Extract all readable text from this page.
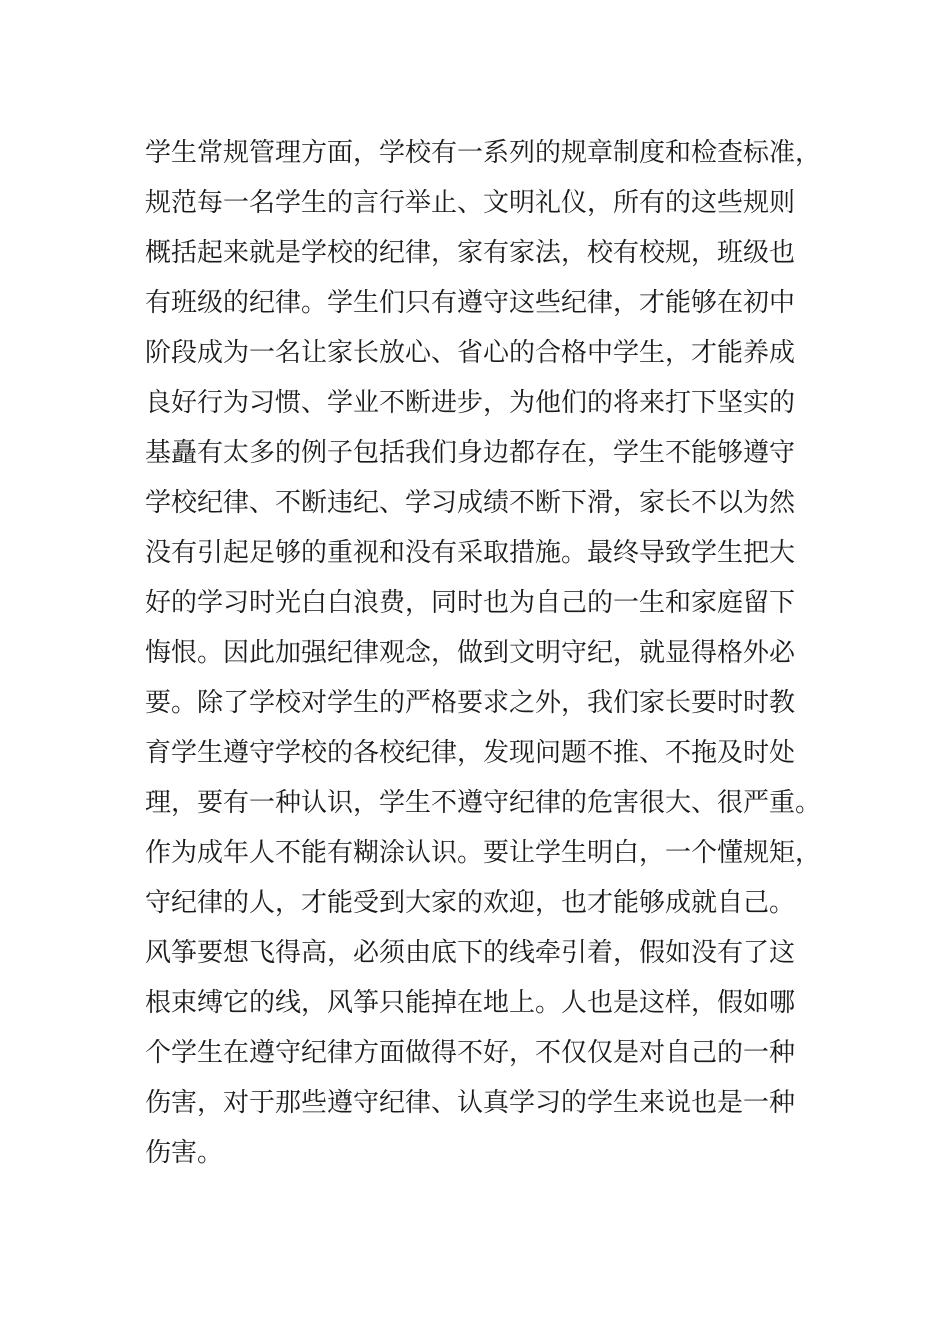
学生常规管理方面，学校有一系列的规章制度和检查标准，
规范每一名学生的言行举止、文明礼仪，所有的这些规则
概括起来就是学校的纪律，家有家法，校有校规，班级也
有班级的纪律。学生们只有遵守这些纪律，才能够在初中
阶段成为一名让家长放心、省心的合格中学生，才能养成
良好行为习惯、学业不断进步，为他们的将来打下坚实的
基矗有太多的例子包括我们身边都存在，学生不能够遵守
学校纪律、不断违纪、学习成绩不断下滑，家长不以为然
没有引起足够的重视和没有采取措施。最终导致学生把大
好的学习时光白白浪费，同时也为自己的一生和家庭留下
悔恨。因此加强纪律观念，做到文明守纪，就显得格外必
要。除了学校对学生的严格要求之外，我们家长要时时教
育学生遵守学校的各校纪律，发现问题不推、不拖及时处
理，要有一种认识，学生不遵守纪律的危害很大、很严重。
作为成年人不能有糊涂认识。要让学生明白，一个懂规矩，
守纪律的人，才能受到大家的欢迎，也才能够成就自己。
风筝要想飞得高，必须由底下的线牵引着，假如没有了这
根束缚它的线，风筝只能掉在地上。人也是这样，假如哪
个学生在遵守纪律方面做得不好，不仅仅是对自己的一种
伤害，对于那些遵守纪律、认真学习的学生来说也是一种
伤害。
